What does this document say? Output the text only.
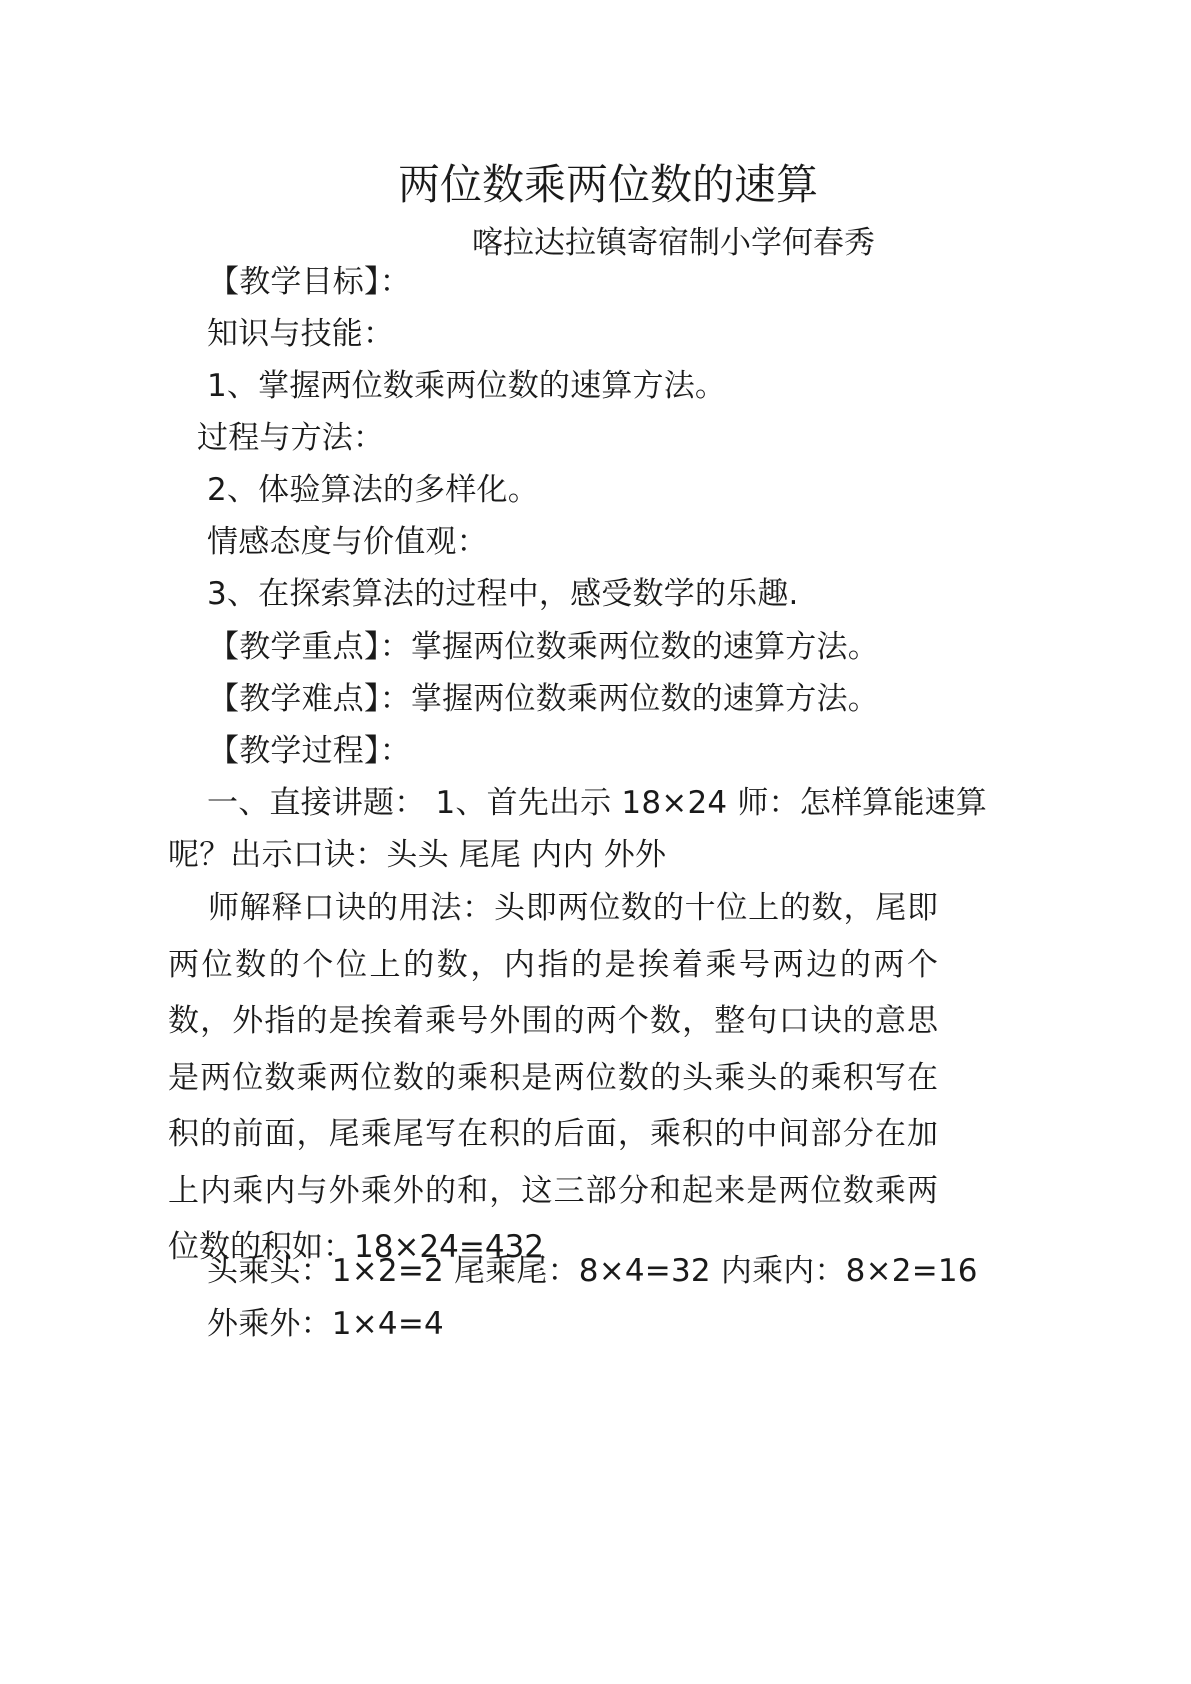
两位数乘两位数的速算
喀拉达拉镇寄宿制小学何春秀
【教学目标】：
知识与技能：
1、掌握两位数乘两位数的速算方法。
过程与方法：
2、体验算法的多样化。
情感态度与价值观：
3、在探索算法的过程中，感受数学的乐趣.
【教学重点】：掌握两位数乘两位数的速算方法。
【教学难点】：掌握两位数乘两位数的速算方法。
【教学过程】：
一、直接讲题： 1、首先出示 18×24 师：怎样算能速算
呢？出示口诀：头头 尾尾 内内 外外
师解释口诀的用法：头即两位数的十位上的数，尾即两位数的个位上的数，内指的是挨着乘号两边的两个数，外指的是挨着乘号外围的两个数，整句口诀的意思是两位数乘两位数的乘积是两位数的头乘头的乘积写在积的前面，尾乘尾写在积的后面，乘积的中间部分在加上内乘内与外乘外的和，这三部分和起来是两位数乘两位数的积如：18×24=432
头乘头：1×2=2 尾乘尾：8×4=32 内乘内：8×2=16
外乘外：1×4=4
